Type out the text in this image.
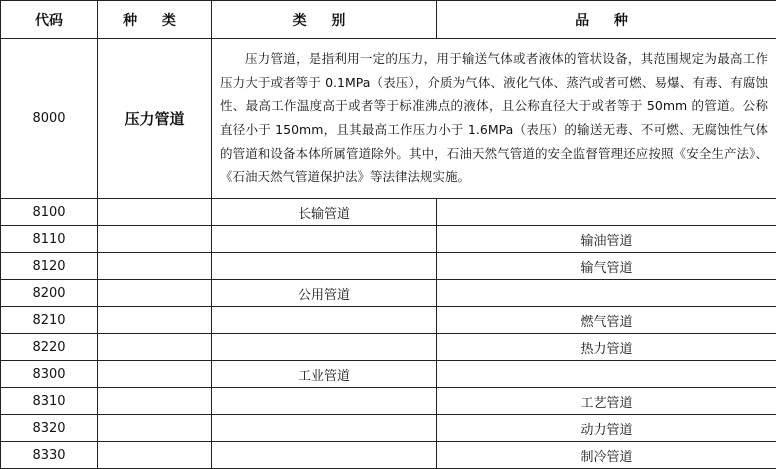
代码	种 类	类 别	品 种
8000	压力管道	压力管道，是指利用一定的压力，用于输送气体或者液体的管状设备，其范围规定为最高工作压力大于或者等于 0.1MPa（表压），介质为气体、液化气体、蒸汽或者可燃、易爆、有毒、有腐蚀性、最高工作温度高于或者等于标准沸点的液体，且公称直径大于或者等于 50mm 的管道。公称直径小于 150mm，且其最高工作压力小于 1.6MPa（表压）的输送无毒、不可燃、无腐蚀性气体的管道和设备本体所属管道除外。其中，石油天然气管道的安全监督管理还应按照《安全生产法》、《石油天然气管道保护法》等法律法规实施。	
8100		长输管道	
8110			输油管道
8120			输气管道
8200		公用管道	
8210			燃气管道
8220			热力管道
8300		工业管道	
8310			工艺管道
8320			动力管道
8330			制冷管道
